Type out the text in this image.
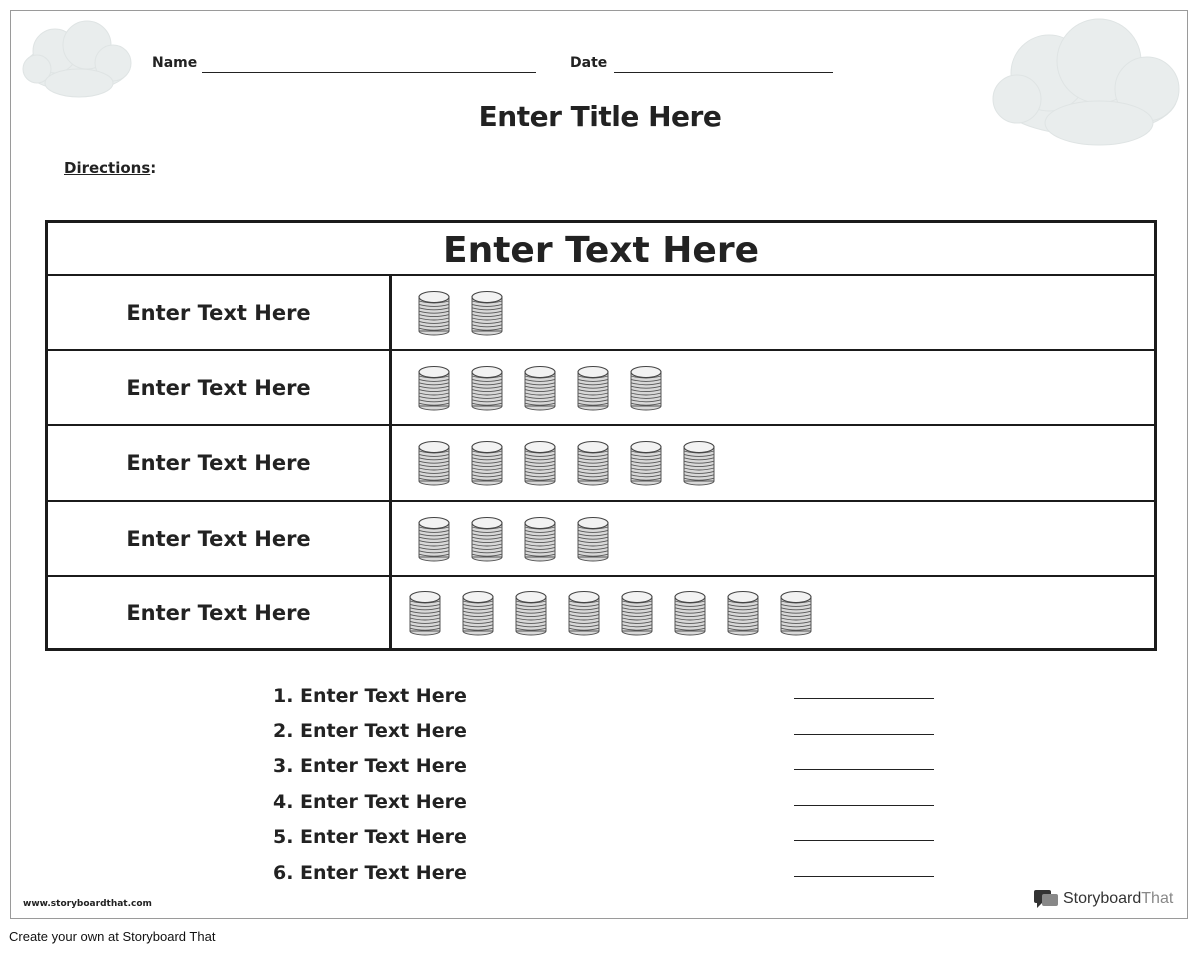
Name	Date
Enter Title Here
Directions:
Enter Text Here
Enter Text Here
Enter Text Here
Enter Text Here
Enter Text Here
Enter Text Here
1. Enter Text Here
2. Enter Text Here
3. Enter Text Here
4. Enter Text Here
5. Enter Text Here
6. Enter Text Here
www.storyboardthat.com	StoryboardThat
Create your own at Storyboard That
